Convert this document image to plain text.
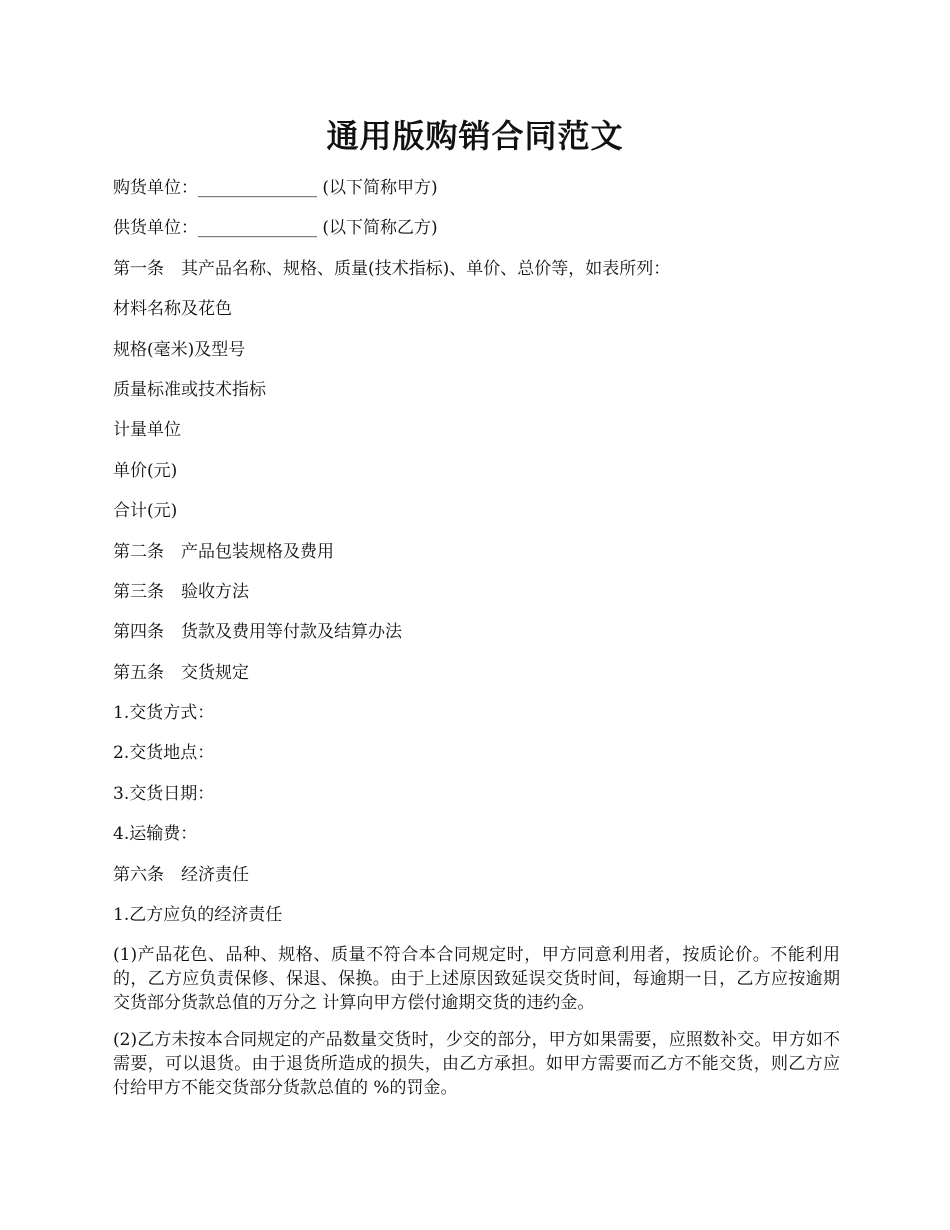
通用版购销合同范文
购货单位：______________ (以下简称甲方)
供货单位：______________ (以下简称乙方)
第一条　其产品名称、规格、质量(技术指标)、单价、总价等，如表所列：
材料名称及花色
规格(毫米)及型号
质量标准或技术指标
计量单位
单价(元)
合计(元)
第二条　产品包装规格及费用
第三条　验收方法
第四条　货款及费用等付款及结算办法
第五条　交货规定
1.交货方式：
2.交货地点：
3.交货日期：
4.运输费：
第六条　经济责任
1.乙方应负的经济责任

(1)产品花色、品种、规格、质量不符合本合同规定时，甲方同意利用者，按质论价。不能利用的，乙方应负责保修、保退、保换。由于上述原因致延误交货时间，每逾期一日，乙方应按逾期交货部分货款总值的万分之 计算向甲方偿付逾期交货的违约金。

(2)乙方未按本合同规定的产品数量交货时，少交的部分，甲方如果需要，应照数补交。甲方如不需要，可以退货。由于退货所造成的损失，由乙方承担。如甲方需要而乙方不能交货，则乙方应付给甲方不能交货部分货款总值的 %的罚金。
